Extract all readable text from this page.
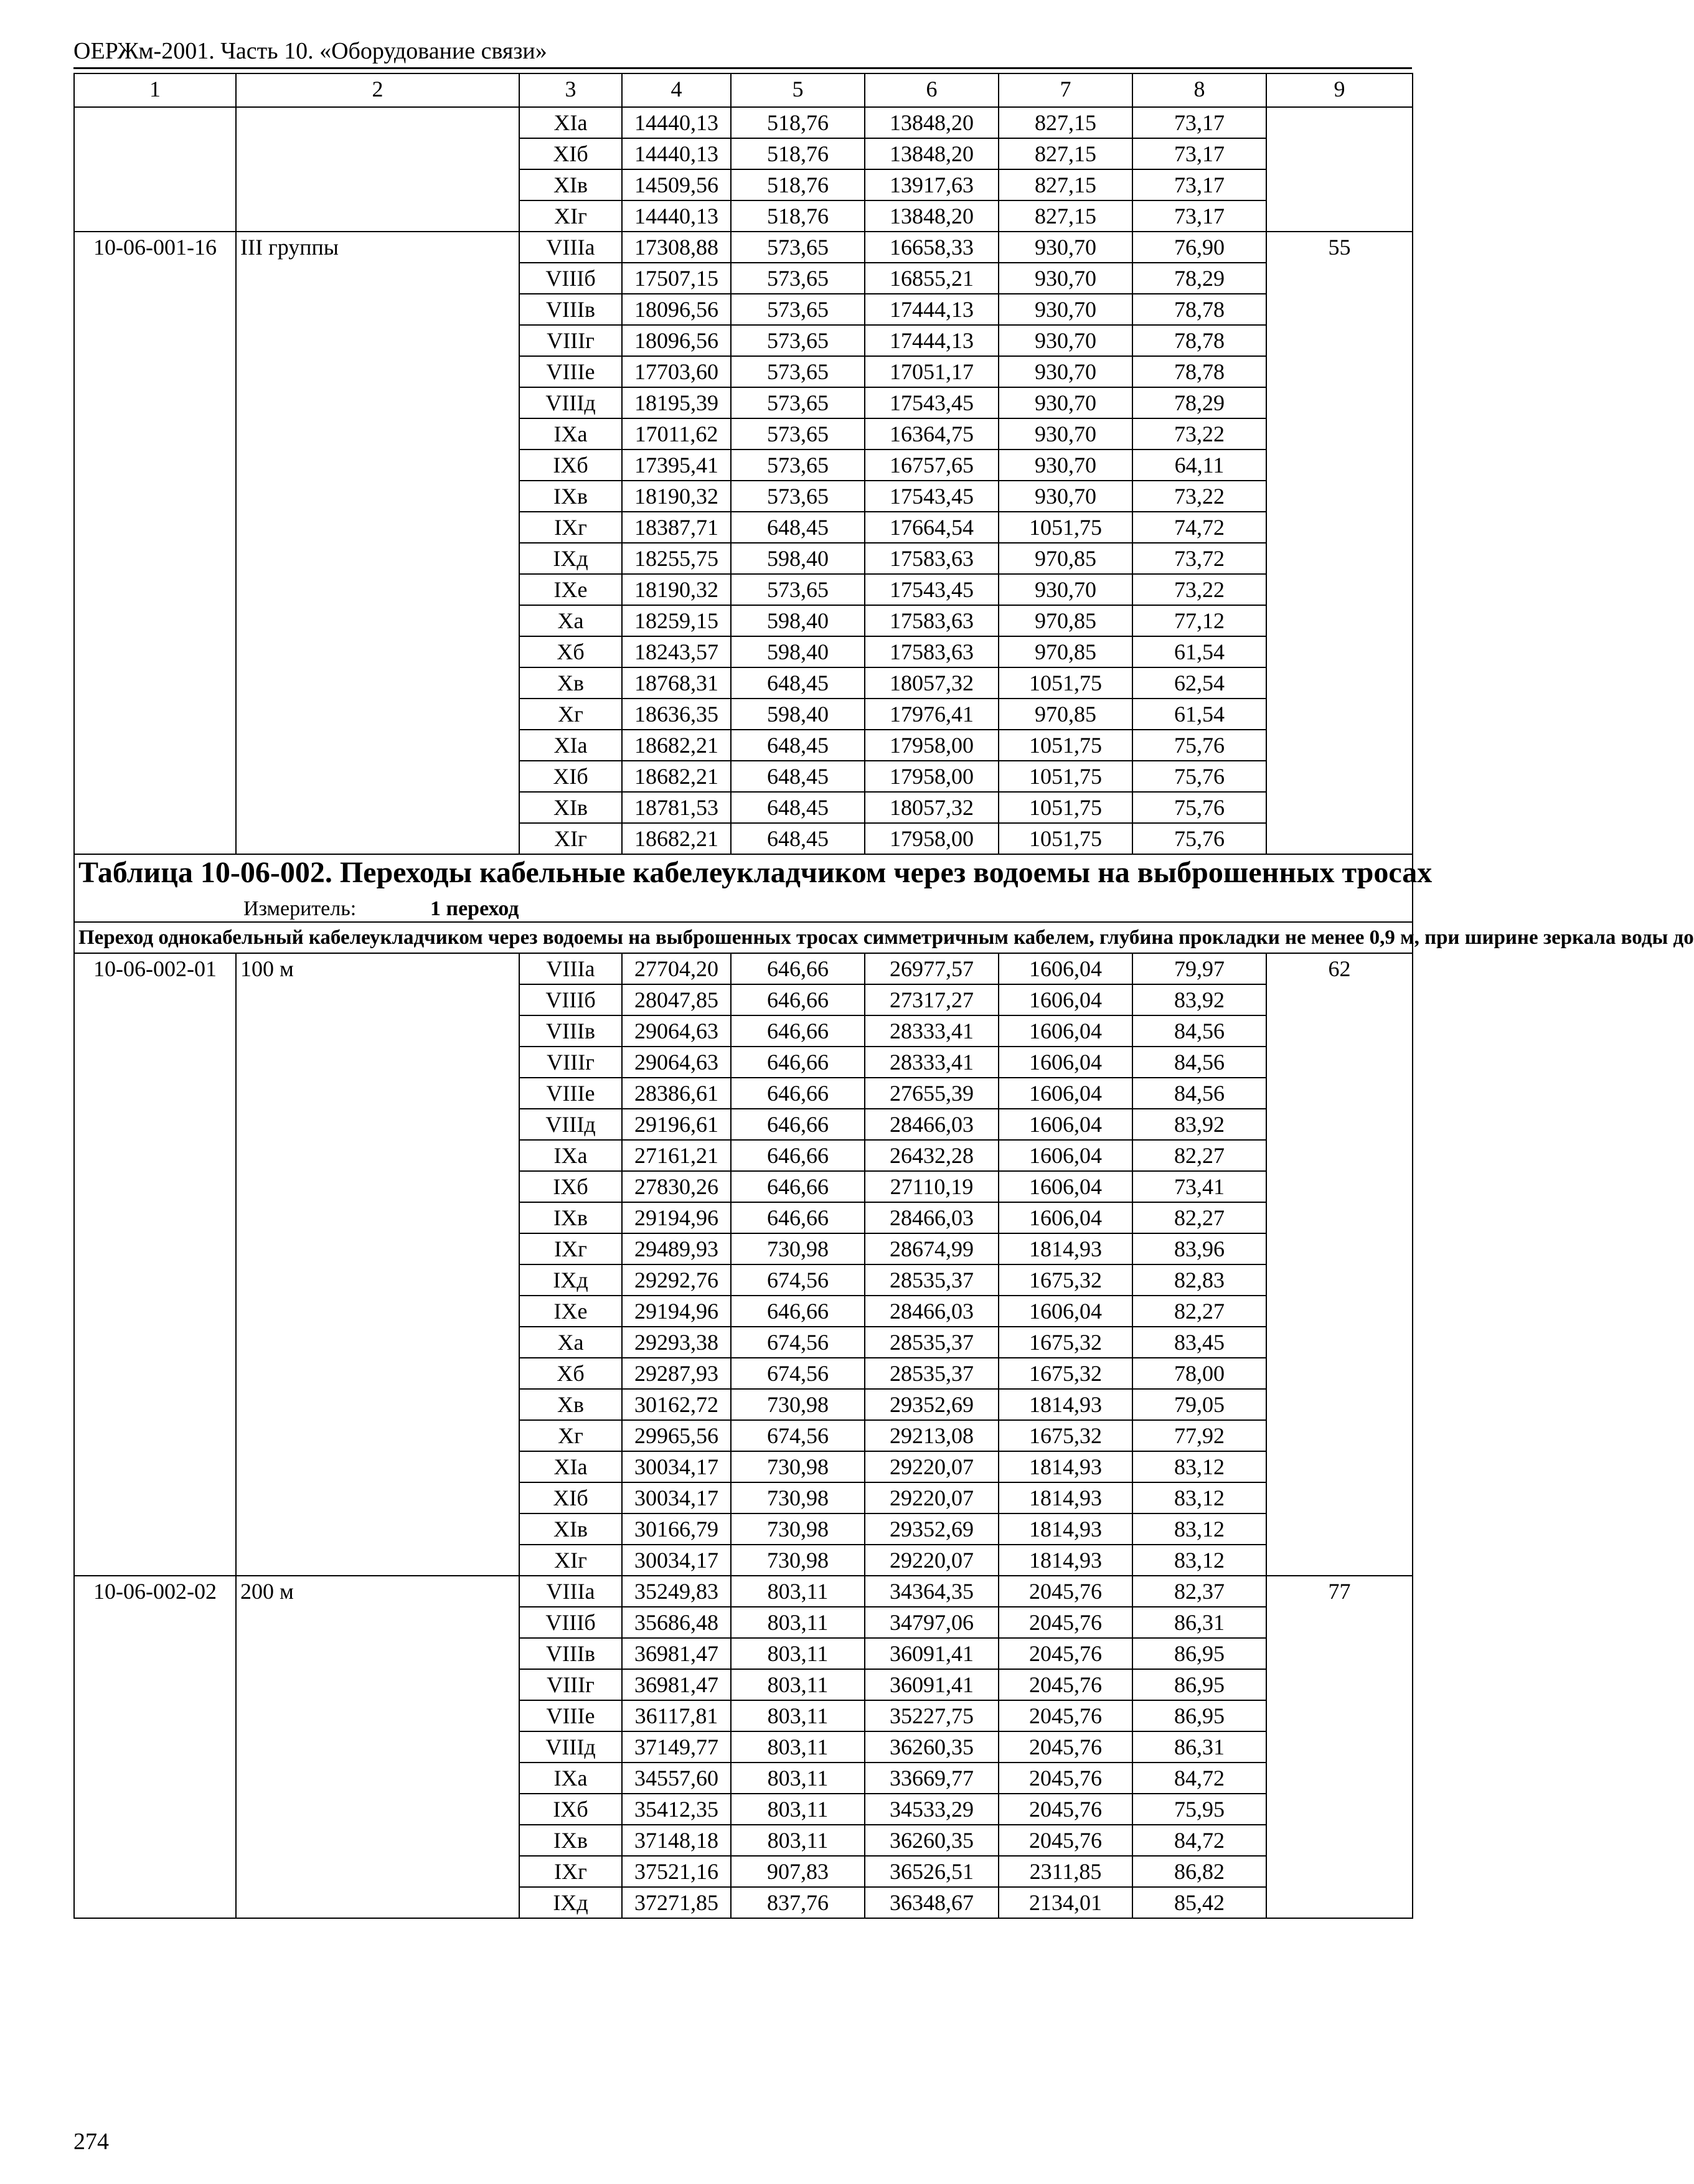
ОЕРЖм-2001. Часть 10. «Оборудование связи»
1	2	3	4	5	6	7	8	9
		XIа	14440,13	518,76	13848,20	827,15	73,17	
		XIб	14440,13	518,76	13848,20	827,15	73,17	
		XIв	14509,56	518,76	13917,63	827,15	73,17	
		XIг	14440,13	518,76	13848,20	827,15	73,17	
10-06-001-16	III группы	VIIIа	17308,88	573,65	16658,33	930,70	76,90	55
		VIIIб	17507,15	573,65	16855,21	930,70	78,29	
		VIIIв	18096,56	573,65	17444,13	930,70	78,78	
		VIIIг	18096,56	573,65	17444,13	930,70	78,78	
		VIIIе	17703,60	573,65	17051,17	930,70	78,78	
		VIIIд	18195,39	573,65	17543,45	930,70	78,29	
		IXа	17011,62	573,65	16364,75	930,70	73,22	
		IXб	17395,41	573,65	16757,65	930,70	64,11	
		IXв	18190,32	573,65	17543,45	930,70	73,22	
		IXг	18387,71	648,45	17664,54	1051,75	74,72	
		IXд	18255,75	598,40	17583,63	970,85	73,72	
		IXе	18190,32	573,65	17543,45	930,70	73,22	
		Xа	18259,15	598,40	17583,63	970,85	77,12	
		Xб	18243,57	598,40	17583,63	970,85	61,54	
		Xв	18768,31	648,45	18057,32	1051,75	62,54	
		Xг	18636,35	598,40	17976,41	970,85	61,54	
		XIа	18682,21	648,45	17958,00	1051,75	75,76	
		XIб	18682,21	648,45	17958,00	1051,75	75,76	
		XIв	18781,53	648,45	18057,32	1051,75	75,76	
		XIг	18682,21	648,45	17958,00	1051,75	75,76	

Таблица 10-06-002. Переходы кабельные кабелеукладчиком через водоемы на выброшенных тросах
Измеритель: 1 переход								

Переход однокабельный кабелеукладчиком через водоемы на выброшенных тросах симметричным кабелем, глубина прокладки не менее 0,9 м, при ширине зеркала воды до								
10-06-002-01	100 м	VIIIа	27704,20	646,66	26977,57	1606,04	79,97	62
		VIIIб	28047,85	646,66	27317,27	1606,04	83,92	
		VIIIв	29064,63	646,66	28333,41	1606,04	84,56	
		VIIIг	29064,63	646,66	28333,41	1606,04	84,56	
		VIIIе	28386,61	646,66	27655,39	1606,04	84,56	
		VIIIд	29196,61	646,66	28466,03	1606,04	83,92	
		IXа	27161,21	646,66	26432,28	1606,04	82,27	
		IXб	27830,26	646,66	27110,19	1606,04	73,41	
		IXв	29194,96	646,66	28466,03	1606,04	82,27	
		IXг	29489,93	730,98	28674,99	1814,93	83,96	
		IXд	29292,76	674,56	28535,37	1675,32	82,83	
		IXе	29194,96	646,66	28466,03	1606,04	82,27	
		Xа	29293,38	674,56	28535,37	1675,32	83,45	
		Xб	29287,93	674,56	28535,37	1675,32	78,00	
		Xв	30162,72	730,98	29352,69	1814,93	79,05	
		Xг	29965,56	674,56	29213,08	1675,32	77,92	
		XIа	30034,17	730,98	29220,07	1814,93	83,12	
		XIб	30034,17	730,98	29220,07	1814,93	83,12	
		XIв	30166,79	730,98	29352,69	1814,93	83,12	
		XIг	30034,17	730,98	29220,07	1814,93	83,12	
10-06-002-02	200 м	VIIIа	35249,83	803,11	34364,35	2045,76	82,37	77
		VIIIб	35686,48	803,11	34797,06	2045,76	86,31	
		VIIIв	36981,47	803,11	36091,41	2045,76	86,95	
		VIIIг	36981,47	803,11	36091,41	2045,76	86,95	
		VIIIе	36117,81	803,11	35227,75	2045,76	86,95	
		VIIIд	37149,77	803,11	36260,35	2045,76	86,31	
		IXа	34557,60	803,11	33669,77	2045,76	84,72	
		IXб	35412,35	803,11	34533,29	2045,76	75,95	
		IXв	37148,18	803,11	36260,35	2045,76	84,72	
		IXг	37521,16	907,83	36526,51	2311,85	86,82	
		IXд	37271,85	837,76	36348,67	2134,01	85,42	
274
